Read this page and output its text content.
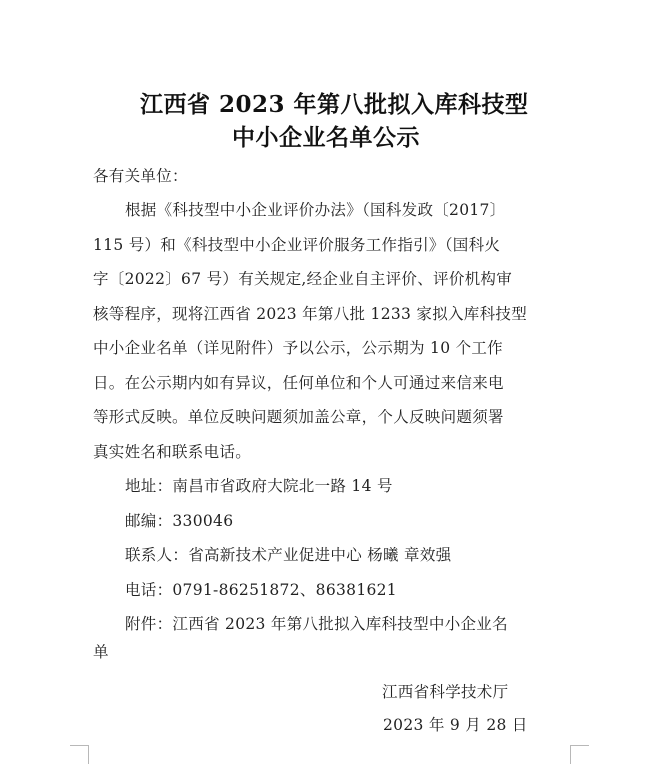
江西省 2023 年第八批拟入库科技型
中小企业名单公示
各有关单位：
根据《科技型中小企业评价办法》（国科发政〔2017〕
115 号）和《科技型中小企业评价服务工作指引》（国科火
字〔2022〕67 号）有关规定,经企业自主评价、评价机构审
核等程序，现将江西省 2023 年第八批 1233 家拟入库科技型
中小企业名单（详见附件）予以公示，公示期为 10 个工作
日。在公示期内如有异议，任何单位和个人可通过来信来电
等形式反映。单位反映问题须加盖公章，个人反映问题须署
真实姓名和联系电话。
地址：南昌市省政府大院北一路 14 号
邮编：330046
联系人：省高新技术产业促进中心 杨曦 章效强
电话：0791-86251872、86381621
附件：江西省 2023 年第八批拟入库科技型中小企业名
单
江西省科学技术厅
2023 年 9 月 28 日
